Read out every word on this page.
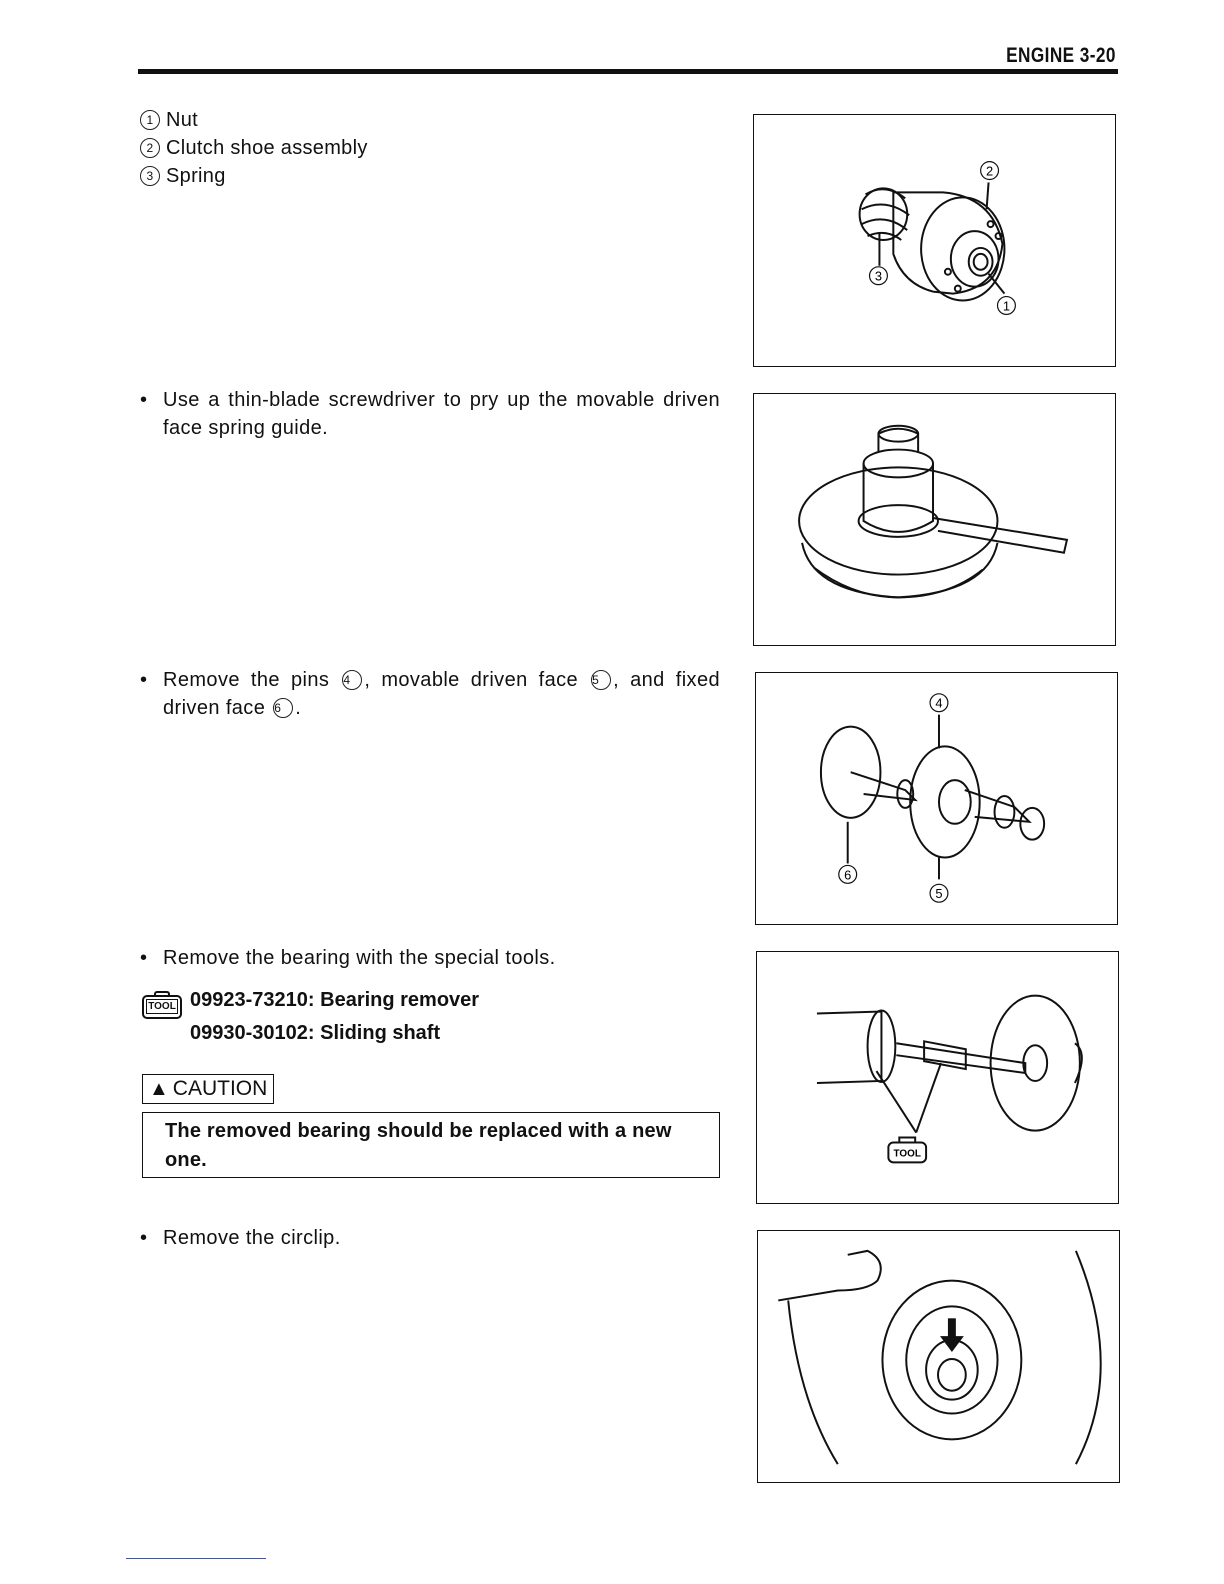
ENGINE 3-20
1 Nut
2 Clutch shoe assembly
3 Spring
• Use a thin-blade screwdriver to pry up the movable driven face spring guide.
• Remove the pins 4 , movable driven face 5 , and fixed driven face 6 .
• Remove the bearing with the special tools.
TOOL 09923-73210: Bearing remover
09930-30102: Sliding shaft
▲ CAUTION
The removed bearing should be replaced with a new one.
• Remove the circlip.
2
3
1
4
6
5
TOOL
